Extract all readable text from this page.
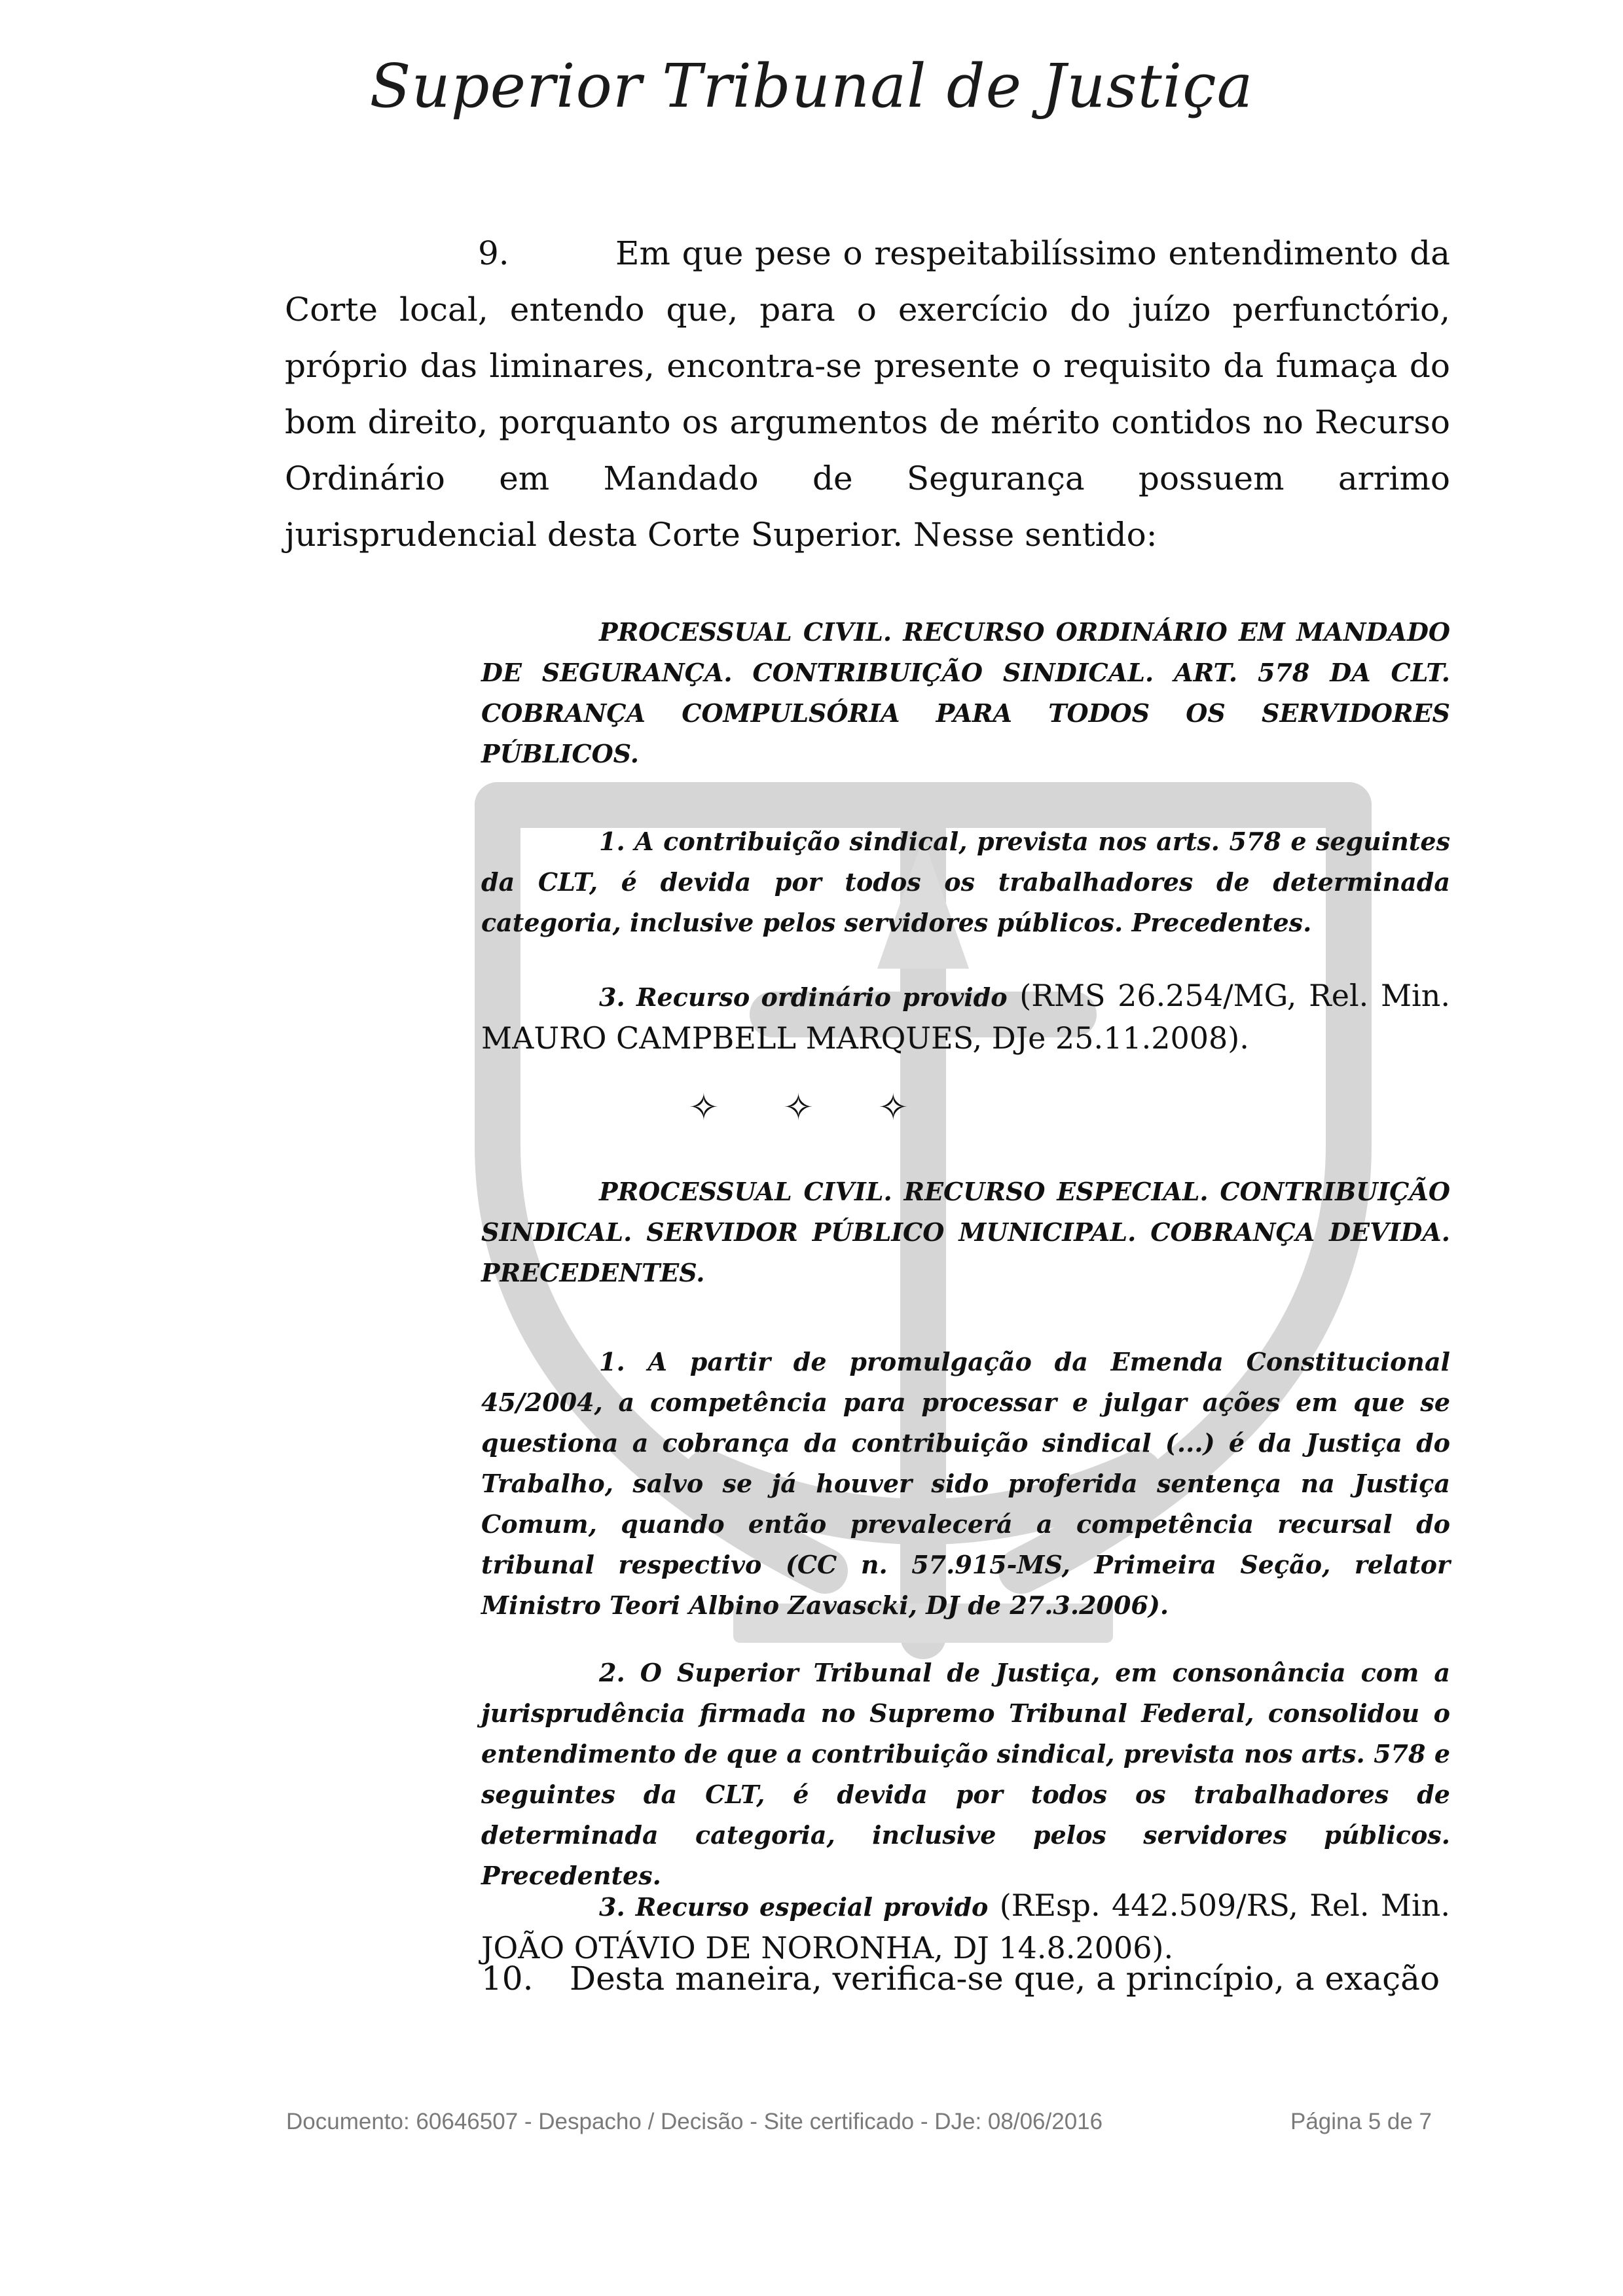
Superior Tribunal de Justiça
9.	Em que pese o respeitabilíssimo entendimento da Corte local, entendo que, para o exercício do juízo perfunctório, próprio das liminares, encontra-se presente o requisito da fumaça do bom direito, porquanto os argumentos de mérito contidos no Recurso Ordinário em Mandado de Segurança possuem arrimo jurisprudencial desta Corte Superior. Nesse sentido:
PROCESSUAL CIVIL. RECURSO ORDINÁRIO EM MANDADO DE SEGURANÇA. CONTRIBUIÇÃO SINDICAL. ART. 578 DA CLT. COBRANÇA COMPULSÓRIA PARA TODOS OS SERVIDORES PÚBLICOS.
1. A contribuição sindical, prevista nos arts. 578 e seguintes da CLT, é devida por todos os trabalhadores de determinada categoria, inclusive pelos servidores públicos. Precedentes.
3. Recurso ordinário provido (RMS 26.254/MG, Rel. Min. MAURO CAMPBELL MARQUES, DJe 25.11.2008).
✧ ✧ ✧
PROCESSUAL CIVIL. RECURSO ESPECIAL. CONTRIBUIÇÃO SINDICAL. SERVIDOR PÚBLICO MUNICIPAL. COBRANÇA DEVIDA. PRECEDENTES.
1. A partir de promulgação da Emenda Constitucional 45/2004, a competência para processar e julgar ações em que se questiona a cobrança da contribuição sindical (...) é da Justiça do Trabalho, salvo se já houver sido proferida sentença na Justiça Comum, quando então prevalecerá a competência recursal do tribunal respectivo (CC n. 57.915-MS, Primeira Seção, relator Ministro Teori Albino Zavascki, DJ de 27.3.2006).
2. O Superior Tribunal de Justiça, em consonância com a jurisprudência firmada no Supremo Tribunal Federal, consolidou o entendimento de que a contribuição sindical, prevista nos arts. 578 e seguintes da CLT, é devida por todos os trabalhadores de determinada categoria, inclusive pelos servidores públicos. Precedentes.
3. Recurso especial provido (REsp. 442.509/RS, Rel. Min. JOÃO OTÁVIO DE NORONHA, DJ 14.8.2006).
10. Desta maneira, verifica-se que, a princípio, a exação
Documento: 60646507 - Despacho / Decisão - Site certificado - DJe: 08/06/2016	Página 5 de 7
